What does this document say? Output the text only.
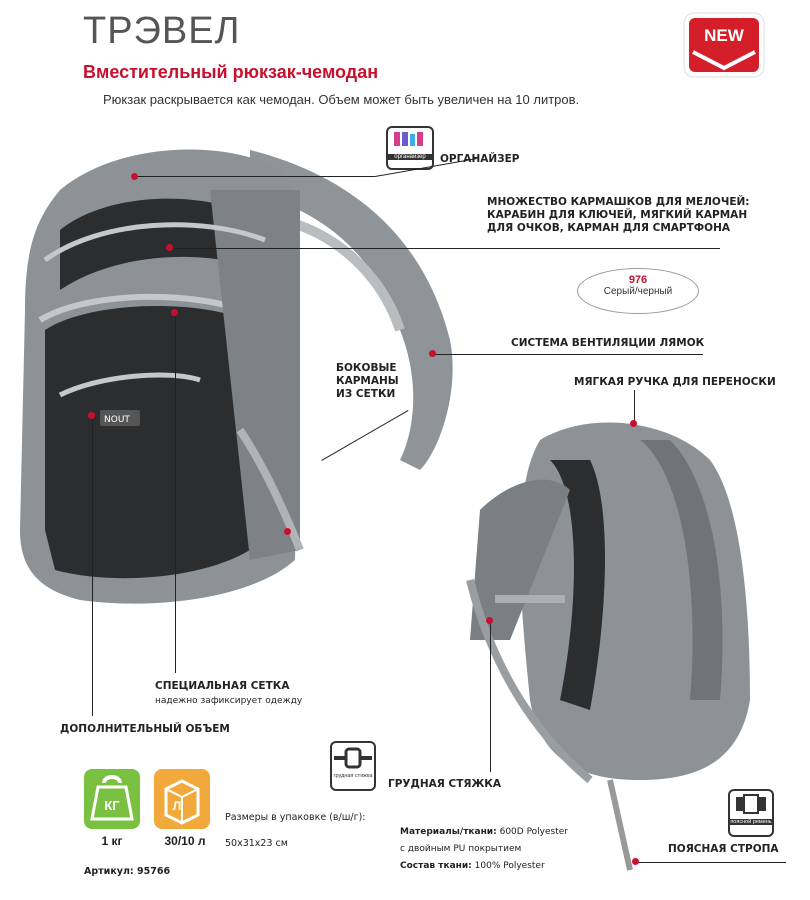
ТРЭВЕЛ
Вместительный рюкзак-чемодан
Рюкзак раскрывается как чемодан. Объем может быть увеличен на 10 литров.
NEW
органайзер
NOUT
ОРГАНАЙЗЕР
МНОЖЕСТВО КАРМАШКОВ ДЛЯ МЕЛОЧЕЙ:
КАРАБИН ДЛЯ КЛЮЧЕЙ, МЯГКИЙ КАРМАН
ДЛЯ ОЧКОВ, КАРМАН ДЛЯ СМАРТФОНА
976
Серый/черный
СИСТЕМА ВЕНТИЛЯЦИИ ЛЯМОК
МЯГКАЯ РУЧКА ДЛЯ ПЕРЕНОСКИ
БОКОВЫЕ
КАРМАНЫ
ИЗ СЕТКИ
СПЕЦИАЛЬНАЯ СЕТКА
надежно зафиксирует одежду
ДОПОЛНИТЕЛЬНЫЙ ОБЪЕМ
грудная стяжка
ГРУДНАЯ СТЯЖКА
поясной ремень
ПОЯСНАЯ СТРОПА
КГ
1 кг
Л
30/10 л
Размеры в упаковке (в/ш/г):
50х31х23 см
Артикул: 95766
Материалы/ткани: 600D Polyester
с двойным PU покрытием
Состав ткани: 100% Polyester
